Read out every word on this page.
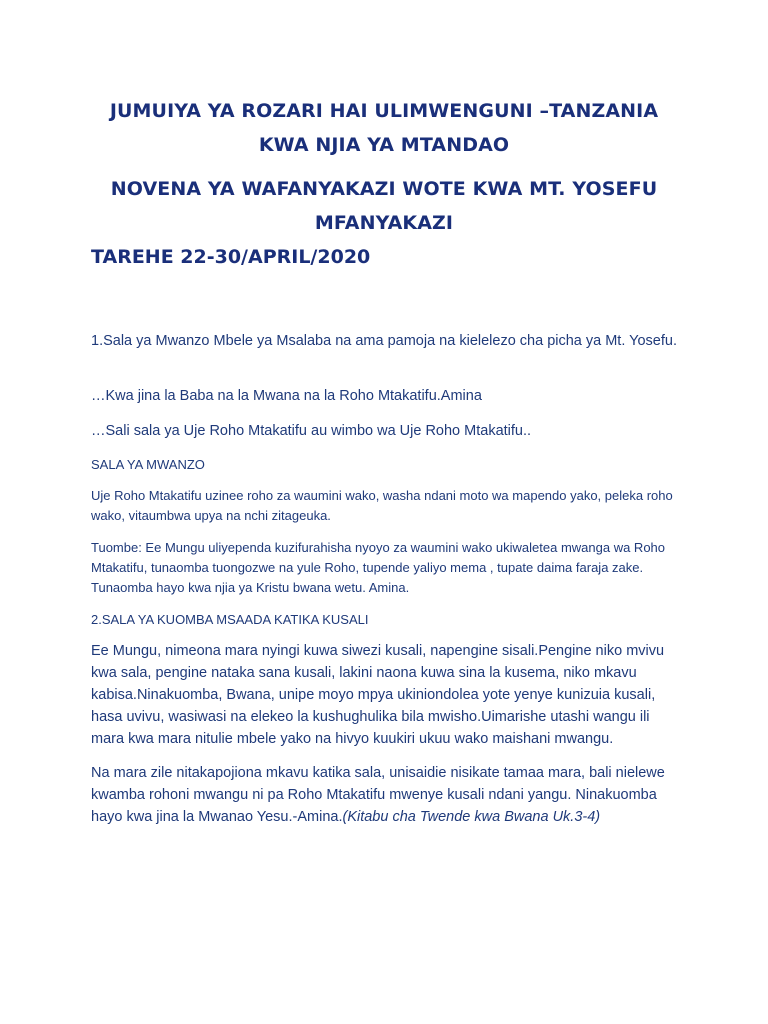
JUMUIYA YA ROZARI HAI ULIMWENGUNI –TANZANIA KWA NJIA YA MTANDAO
NOVENA YA WAFANYAKAZI WOTE KWA MT. YOSEFU MFANYAKAZI
TAREHE 22-30/APRIL/2020

1.Sala ya Mwanzo Mbele ya Msalaba na ama pamoja na kielelezo cha picha ya Mt. Yosefu.

…Kwa jina la Baba na la Mwana na la Roho Mtakatifu.Amina

…Sali sala ya Uje Roho Mtakatifu au wimbo wa Uje Roho Mtakatifu..

SALA YA MWANZO

Uje Roho Mtakatifu uzinee roho za waumini wako, washa ndani moto wa mapendo yako, peleka roho wako, vitaumbwa upya na nchi zitageuka.

Tuombe: Ee Mungu uliyependa kuzifurahisha nyoyo za waumini wako ukiwaletea mwanga wa Roho Mtakatifu, tunaomba tuongozwe na yule Roho, tupende yaliyo mema , tupate daima faraja zake. Tunaomba hayo kwa njia ya Kristu bwana wetu. Amina.

2.SALA YA KUOMBA MSAADA KATIKA KUSALI

Ee Mungu, nimeona mara nyingi kuwa siwezi kusali, napengine sisali.Pengine niko mvivu kwa sala, pengine nataka sana kusali, lakini naona kuwa sina la kusema, niko mkavu kabisa.Ninakuomba, Bwana, unipe moyo mpya ukiniondolea yote yenye kunizuia kusali, hasa uvivu, wasiwasi na elekeo la kushughulika bila mwisho.Uimarishe utashi wangu ili mara kwa mara nitulie mbele yako na hivyo kuukiri ukuu wako maishani mwangu.

Na mara zile nitakapojiona mkavu katika sala, unisaidie nisikate tamaa mara, bali nielewe kwamba rohoni mwangu ni pa Roho Mtakatifu mwenye kusali ndani yangu. Ninakuomba hayo kwa jina la Mwanao Yesu.-Amina.(Kitabu cha Twende kwa Bwana Uk.3-4)
